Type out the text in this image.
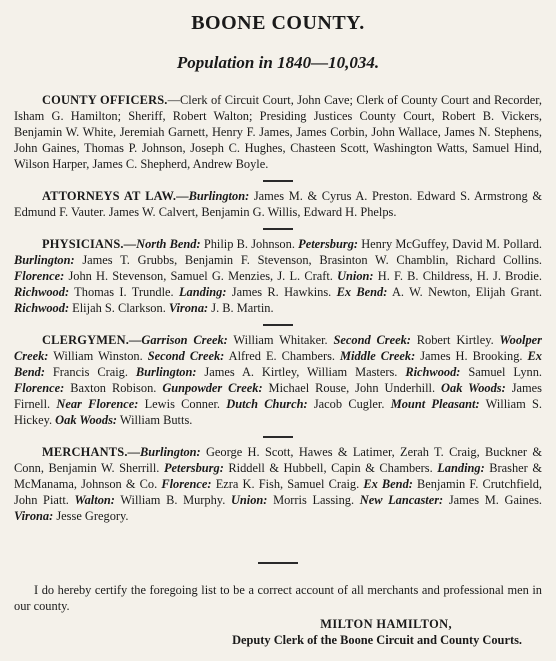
BOONE COUNTY.
Population in 1840—10,034.

COUNTY OFFICERS.—Clerk of Circuit Court, John Cave; Clerk of County Court and Recorder, Isham G. Hamilton; Sheriff, Robert Walton; Presiding Justices County Court, Robert B. Vickers, Benjamin W. White, Jeremiah Garnett, Henry F. James, James Corbin, John Wallace, James N. Stephens, John Gaines, Thomas P. Johnson, Joseph C. Hughes, Chasteen Scott, Washington Watts, Samuel Hind, Wilson Harper, James C. Shepherd, Andrew Boyle.

ATTORNEYS AT LAW.—Burlington: James M. & Cyrus A. Preston. Edward S. Armstrong & Edmund F. Vauter. James W. Calvert, Benjamin G. Willis, Edward H. Phelps.

PHYSICIANS.—North Bend: Philip B. Johnson. Petersburg: Henry McGuffey, David M. Pollard. Burlington: James T. Grubbs, Benjamin F. Stevenson, Brasinton W. Chamblin, Richard Collins. Florence: John H. Stevenson, Samuel G. Menzies, J. L. Craft. Union: H. F. B. Childress, H. J. Brodie. Richwood: Thomas I. Trundle. Landing: James R. Hawkins. Ex Bend: A. W. Newton, Elijah Grant. Richwood: Elijah S. Clarkson. Virona: J. B. Martin.

CLERGYMEN.—Garrison Creek: William Whitaker. Second Creek: Robert Kirtley. Woolper Creek: William Winston. Second Creek: Alfred E. Chambers. Middle Creek: James H. Brooking. Ex Bend: Francis Craig. Burlington: James A. Kirtley, William Masters. Richwood: Samuel Lynn. Florence: Baxton Robison. Gunpowder Creek: Michael Rouse, John Underhill. Oak Woods: James Firnell. Near Florence: Lewis Conner. Dutch Church: Jacob Cugler. Mount Pleasant: William S. Hickey. Oak Woods: William Butts.

MERCHANTS.—Burlington: George H. Scott, Hawes & Latimer, Zerah T. Craig, Buckner & Conn, Benjamin W. Sherrill. Petersburg: Riddell & Hubbell, Capin & Chambers. Landing: Brasher & McManama, Johnson & Co. Florence: Ezra K. Fish, Samuel Craig. Ex Bend: Benjamin F. Crutchfield, John Piatt. Walton: William B. Murphy. Union: Morris Lassing. New Lancaster: James M. Gaines. Virona: Jesse Gregory.

I do hereby certify the foregoing list to be a correct account of all merchants and professional men in our county.

MILTON HAMILTON,
Deputy Clerk of the Boone Circuit and County Courts.
